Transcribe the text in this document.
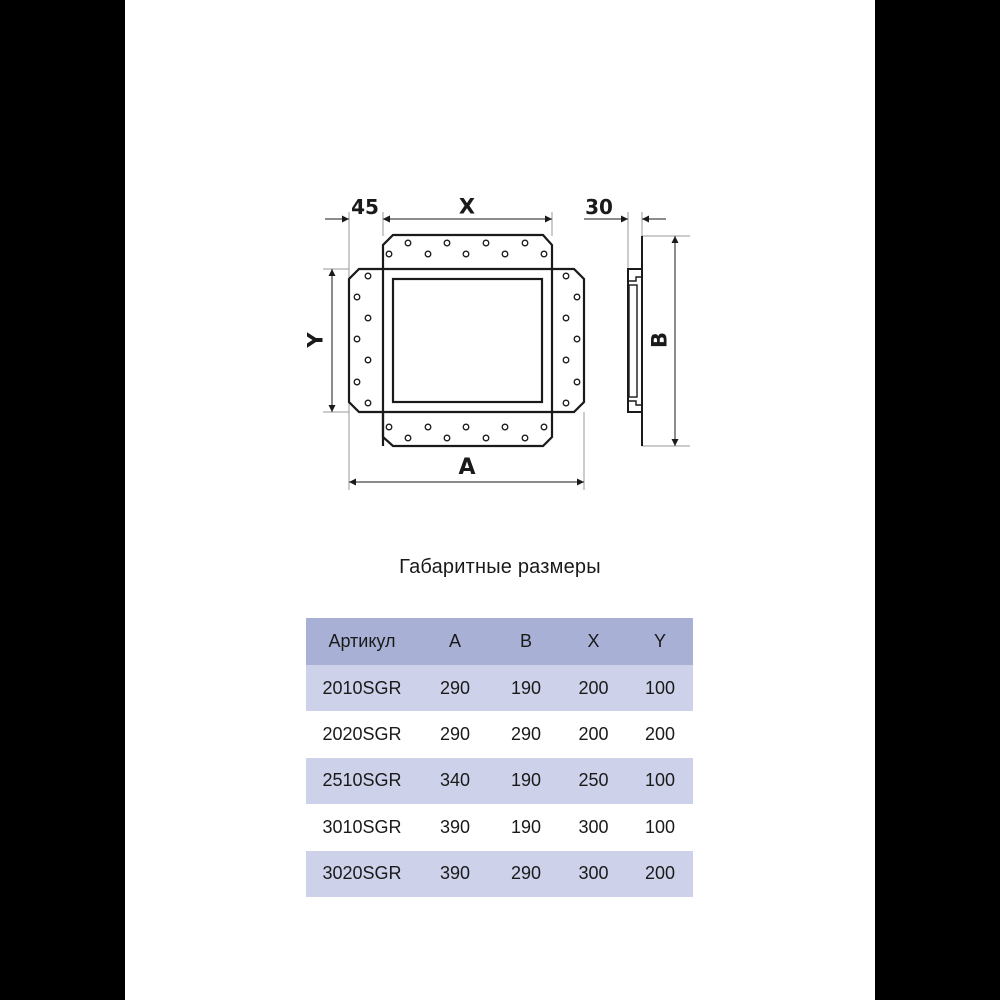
45	X	30
Y
A
B
Габаритные размеры
Артикул	A	B	X	Y
2010SGR	290	190	200	100
2020SGR	290	290	200	200
2510SGR	340	190	250	100
3010SGR	390	190	300	100
3020SGR	390	290	300	200
